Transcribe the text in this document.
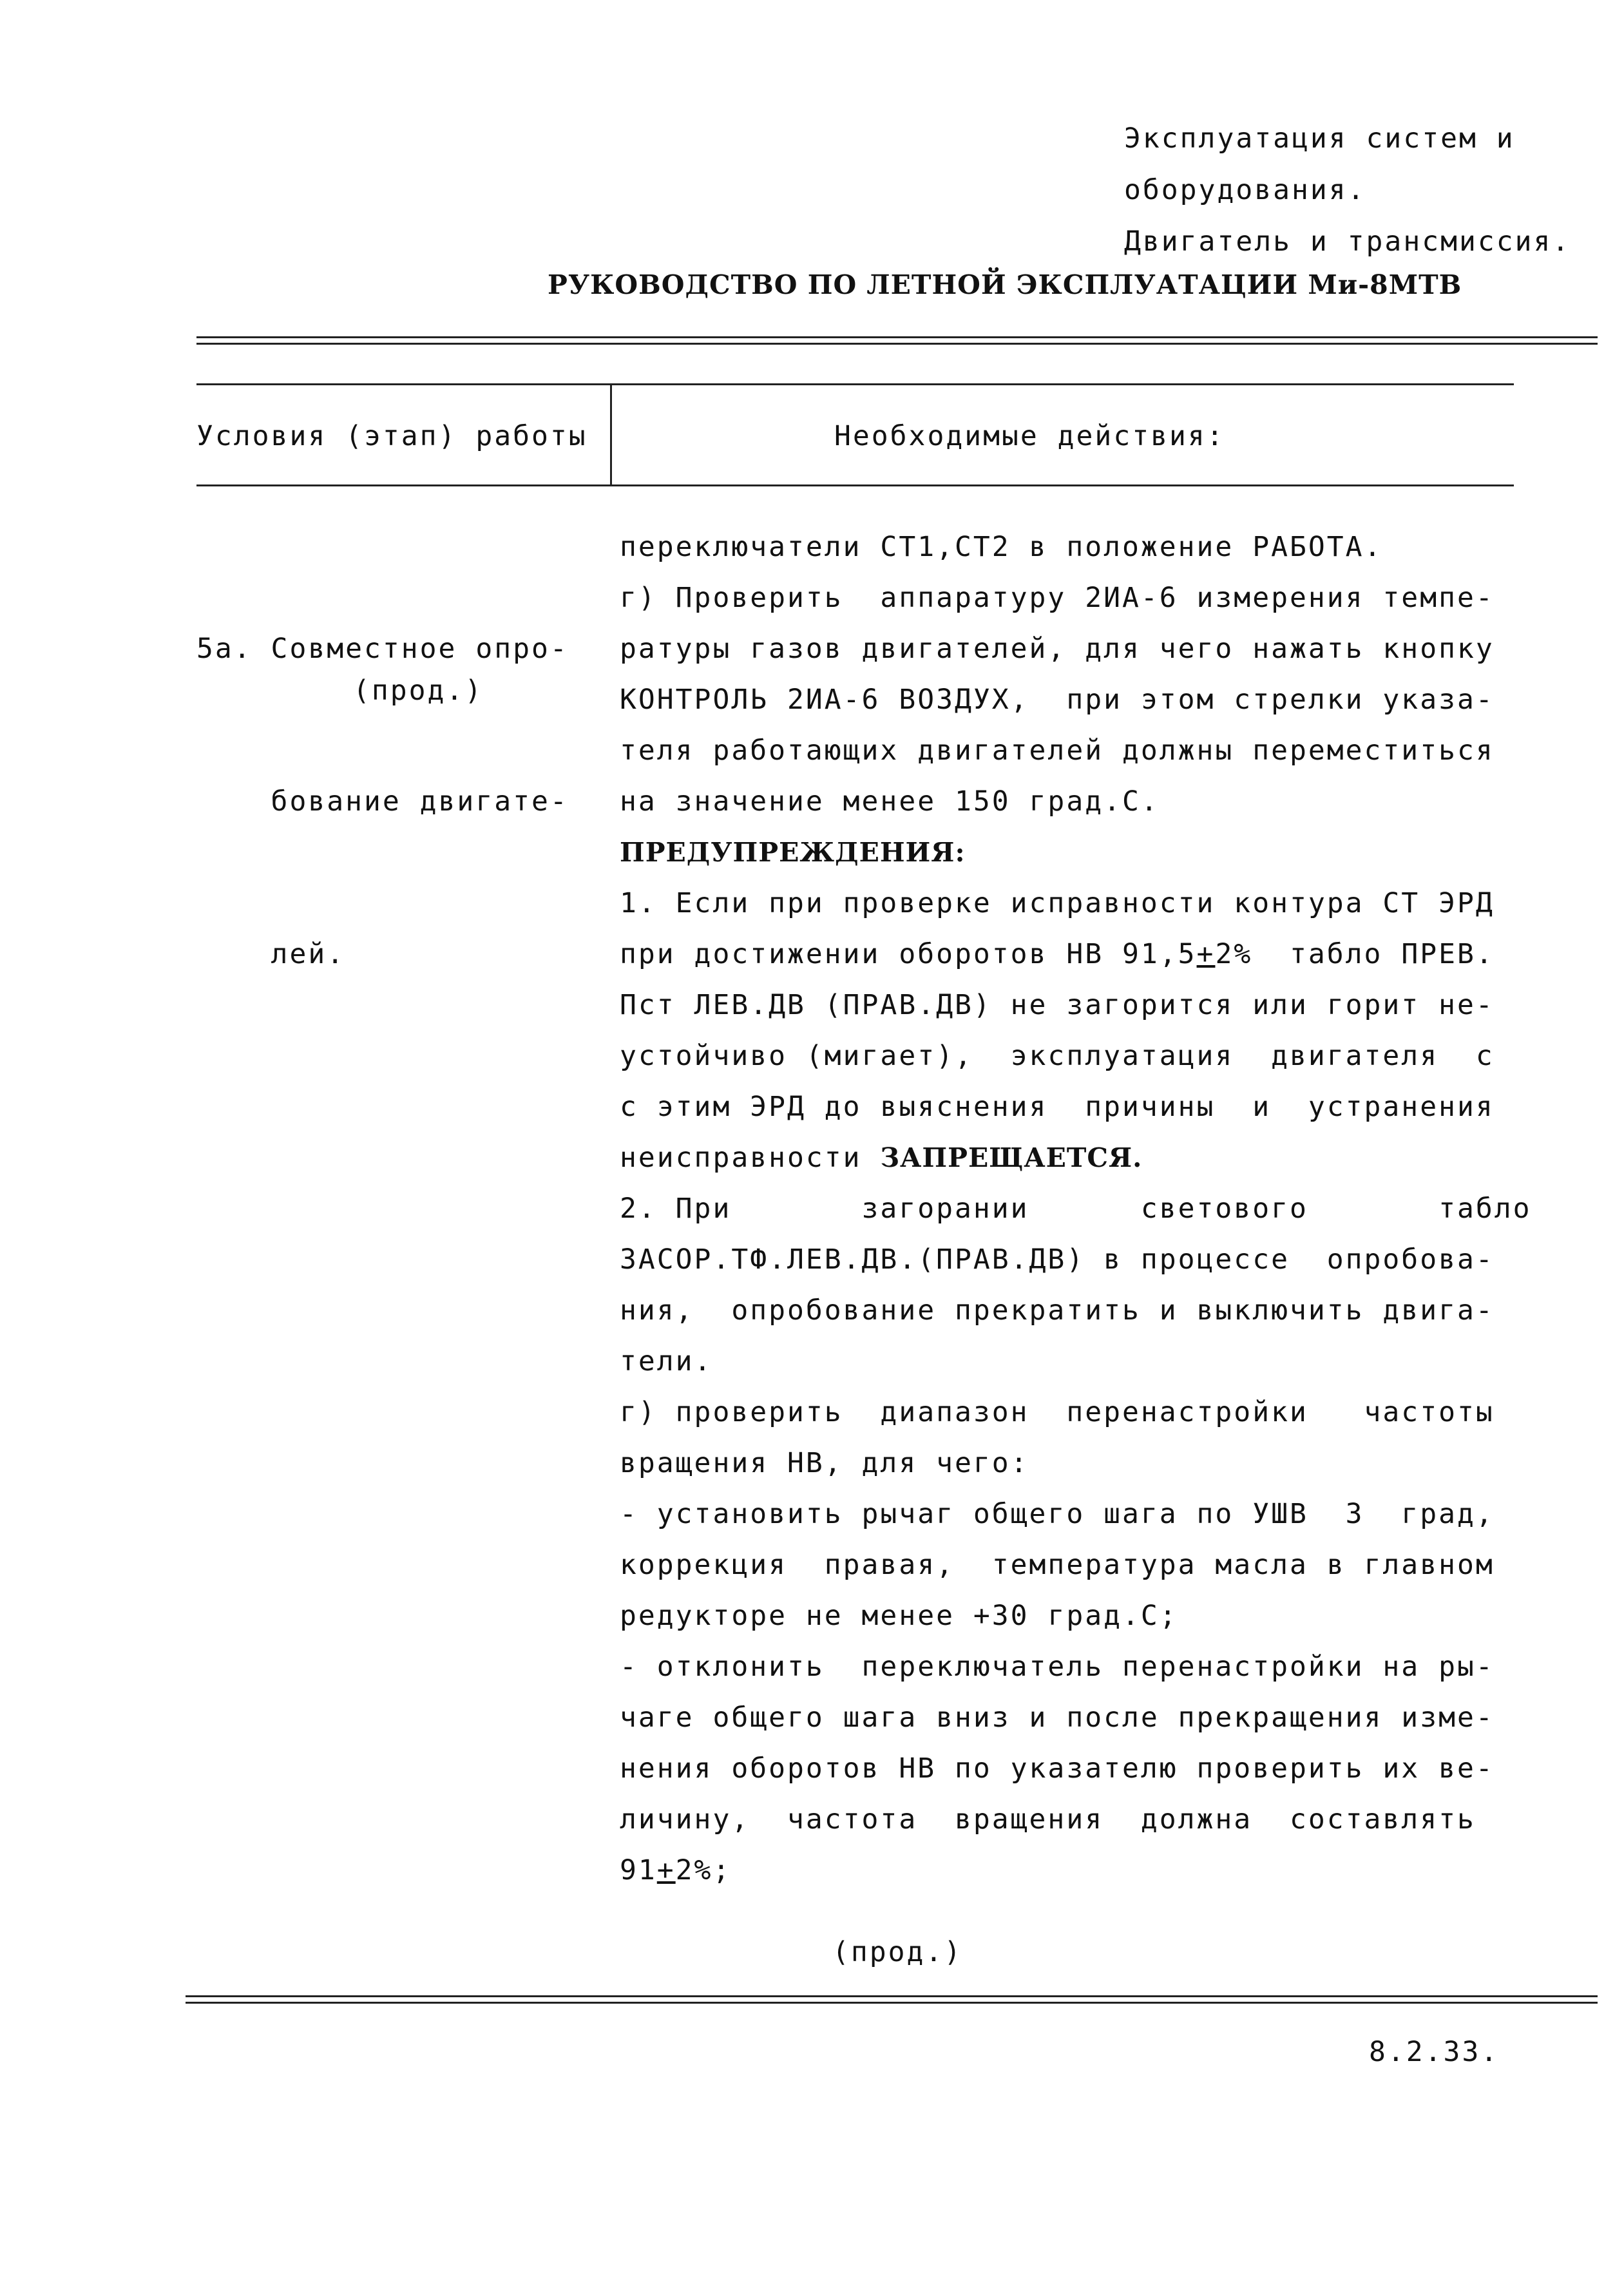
Эксплуатация систем и
оборудования.
Двигатель и трансмиссия.
РУКОВОДСТВО ПО ЛЕТНОЙ ЭКСПЛУАТАЦИИ Ми-8МТВ
Условия (этап) работы	Необходимые действия:

5а. Совместное опро-

бование двигате-

лей.

(прод.)
переключатели СТ1,СТ2 в положение РАБОТА.
г) Проверить  аппаратуру 2ИА-6 измерения темпе-
ратуры газов двигателей, для чего нажать кнопку
КОНТРОЛЬ 2ИА-6 ВОЗДУХ,  при этом стрелки указа-
теля работающих двигателей должны переместиться
на значение менее 150 град.С.
ПРЕДУПРЕЖДЕНИЯ:
1. Если при проверке исправности контура СТ ЭРД
при достижении оборотов НВ 91,5+2%  табло ПРЕВ.
Пст ЛЕВ.ДВ (ПРАВ.ДВ) не загорится или горит не-
устойчиво (мигает),  эксплуатация  двигателя  с
с этим ЭРД до выяснения  причины  и  устранения
неисправности ЗАПРЕЩАЕТСЯ.
2. При       загорании      светового       табло
ЗАСОР.ТФ.ЛЕВ.ДВ.(ПРАВ.ДВ) в процессе  опробова-
ния,  опробование прекратить и выключить двига-
тели.
г) проверить  диапазон  перенастройки   частоты
вращения НВ, для чего:
- установить рычаг общего шага по УШВ  3  град,
коррекция  правая,  температура масла в главном
редукторе не менее +30 град.С;
- отклонить  переключатель перенастройки на ры-
чаге общего шага вниз и после прекращения изме-
нения оборотов НВ по указателю проверить их ве-
личину,  частота  вращения  должна  составлять
91+2%;
(прод.)
8.2.33.
